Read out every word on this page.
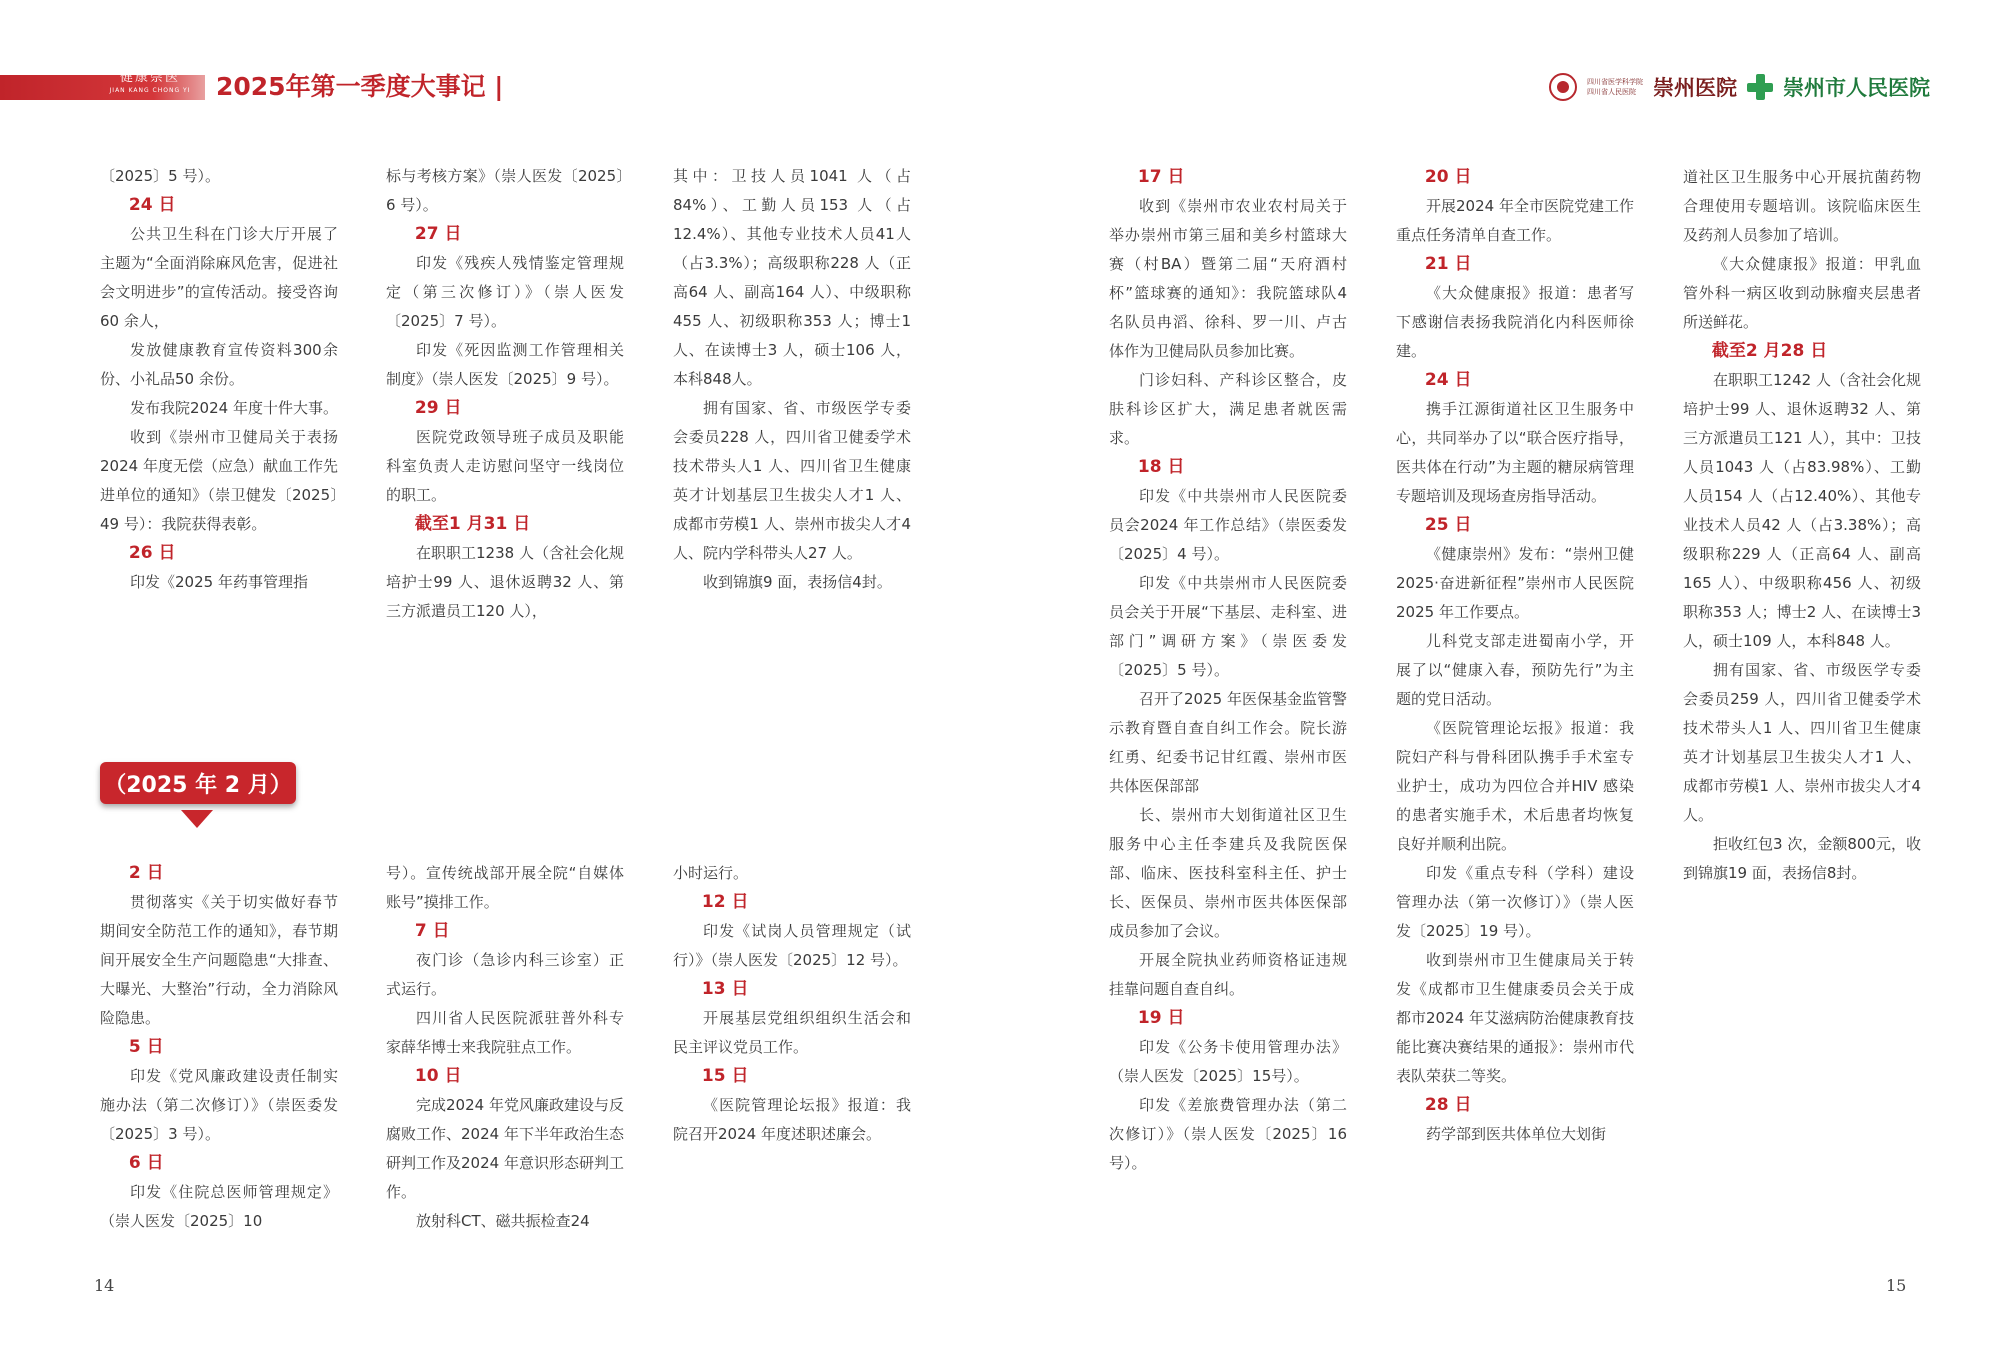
健康崇医
JIAN KANG CHONG YI	2025年第一季度大事记 |	四川省医学科学院
四川省人民医院 崇州医院 崇州市人民医院

〔2025〕5 号）。

24 日

公共卫生科在门诊大厅开展了主题为“全面消除麻风危害，促进社会文明进步”的宣传活动。接受咨询60 余人，

发放健康教育宣传资料300余份、小礼品50 余份。

发布我院2024 年度十件大事。

收到《崇州市卫健局关于表扬2024 年度无偿（应急）献血工作先进单位的通知》（崇卫健发〔2025〕49 号）：我院获得表彰。

26 日

印发《2025 年药事管理指

标与考核方案》（崇人医发〔2025〕6 号）。

27 日

印发《残疾人残情鉴定管理规定（第三次修订）》（崇人医发〔2025〕7 号）。

印发《死因监测工作管理相关制度》（崇人医发〔2025〕9 号）。

29 日

医院党政领导班子成员及职能科室负责人走访慰问坚守一线岗位的职工。

截至1 月31 日

在职职工1238 人（含社会化规培护士99 人、退休返聘32 人、第三方派遣员工120 人），

其中：卫技人员1041 人（占84%）、工勤人员153 人（占12.4%）、其他专业技术人员41人（占3.3%）；高级职称228 人（正高64 人、副高164 人）、中级职称455 人、初级职称353 人；博士1 人、在读博士3 人，硕士106 人，本科848人。

拥有国家、省、市级医学专委会委员228 人，四川省卫健委学术技术带头人1 人、四川省卫生健康英才计划基层卫生拔尖人才1 人、成都市劳模1 人、崇州市拔尖人才4 人、院内学科带头人27 人。

收到锦旗9 面，表扬信4封。

（2025 年 2 月）

2 日

贯彻落实《关于切实做好春节期间安全防范工作的通知》，春节期间开展安全生产问题隐患“大排查、大曝光、大整治”行动，全力消除风险隐患。

5 日

印发《党风廉政建设责任制实施办法（第二次修订）》（崇医委发〔2025〕3 号）。

6 日

印发《住院总医师管理规定》（崇人医发〔2025〕10

号）。宣传统战部开展全院“自媒体账号”摸排工作。

7 日

夜门诊（急诊内科三诊室）正式运行。

四川省人民医院派驻普外科专家薛华博士来我院驻点工作。

10 日

完成2024 年党风廉政建设与反腐败工作、2024 年下半年政治生态研判工作及2024 年意识形态研判工作。

放射科CT、磁共振检查24

小时运行。

12 日

印发《试岗人员管理规定（试行）》（崇人医发〔2025〕12 号）。

13 日

开展基层党组织组织生活会和民主评议党员工作。

15 日

《医院管理论坛报》报道：我院召开2024 年度述职述廉会。

17 日

收到《崇州市农业农村局关于举办崇州市第三届和美乡村篮球大赛（村BA）暨第二届“天府酒村杯”篮球赛的通知》：我院篮球队4 名队员冉滔、徐科、罗一川、卢古体作为卫健局队员参加比赛。

门诊妇科、产科诊区整合，皮肤科诊区扩大，满足患者就医需求。

18 日

印发《中共崇州市人民医院委员会2024 年工作总结》（崇医委发〔2025〕4 号）。

印发《中共崇州市人民医院委员会关于开展“下基层、走科室、进部门”调研方案》（崇医委发〔2025〕5 号）。

召开了2025 年医保基金监管警示教育暨自查自纠工作会。院长游红勇、纪委书记甘红霞、崇州市医共体医保部部

长、崇州市大划街道社区卫生服务中心主任李建兵及我院医保部、临床、医技科室科主任、护士长、医保员、崇州市医共体医保部成员参加了会议。

开展全院执业药师资格证违规挂靠问题自查自纠。

19 日

印发《公务卡使用管理办法》（崇人医发〔2025〕15号）。

印发《差旅费管理办法（第二次修订）》（崇人医发〔2025〕16 号）。

20 日

开展2024 年全市医院党建工作重点任务清单自查工作。

21 日

《大众健康报》报道：患者写下感谢信表扬我院消化内科医师徐建。

24 日

携手江源街道社区卫生服务中心，共同举办了以“联合医疗指导，医共体在行动”为主题的糖尿病管理专题培训及现场查房指导活动。

25 日

《健康崇州》发布：“崇州卫健2025·奋进新征程”崇州市人民医院2025 年工作要点。

儿科党支部走进蜀南小学，开展了以“健康入春，预防先行”为主题的党日活动。

《医院管理论坛报》报道：我院妇产科与骨科团队携手手术室专业护士，成功为四位合并HIV 感染的患者实施手术，术后患者均恢复良好并顺利出院。

印发《重点专科（学科）建设管理办法（第一次修订）》（崇人医发〔2025〕19 号）。

收到崇州市卫生健康局关于转发《成都市卫生健康委员会关于成都市2024 年艾滋病防治健康教育技能比赛决赛结果的通报》：崇州市代表队荣获二等奖。

28 日

药学部到医共体单位大划街

道社区卫生服务中心开展抗菌药物合理使用专题培训。该院临床医生及药剂人员参加了培训。

《大众健康报》报道：甲乳血管外科一病区收到动脉瘤夹层患者所送鲜花。

截至2 月28 日

在职职工1242 人（含社会化规培护士99 人、退休返聘32 人、第三方派遣员工121 人），其中：卫技人员1043 人（占83.98%）、工勤人员154 人（占12.40%）、其他专业技术人员42 人（占3.38%）；高级职称229 人（正高64 人、副高165 人）、中级职称456 人、初级职称353 人；博士2 人、在读博士3 人，硕士109 人，本科848 人。

拥有国家、省、市级医学专委会委员259 人，四川省卫健委学术技术带头人1 人、四川省卫生健康英才计划基层卫生拔尖人才1 人、成都市劳模1 人、崇州市拔尖人才4 人。

拒收红包3 次，金额800元，收到锦旗19 面，表扬信8封。

14	15
